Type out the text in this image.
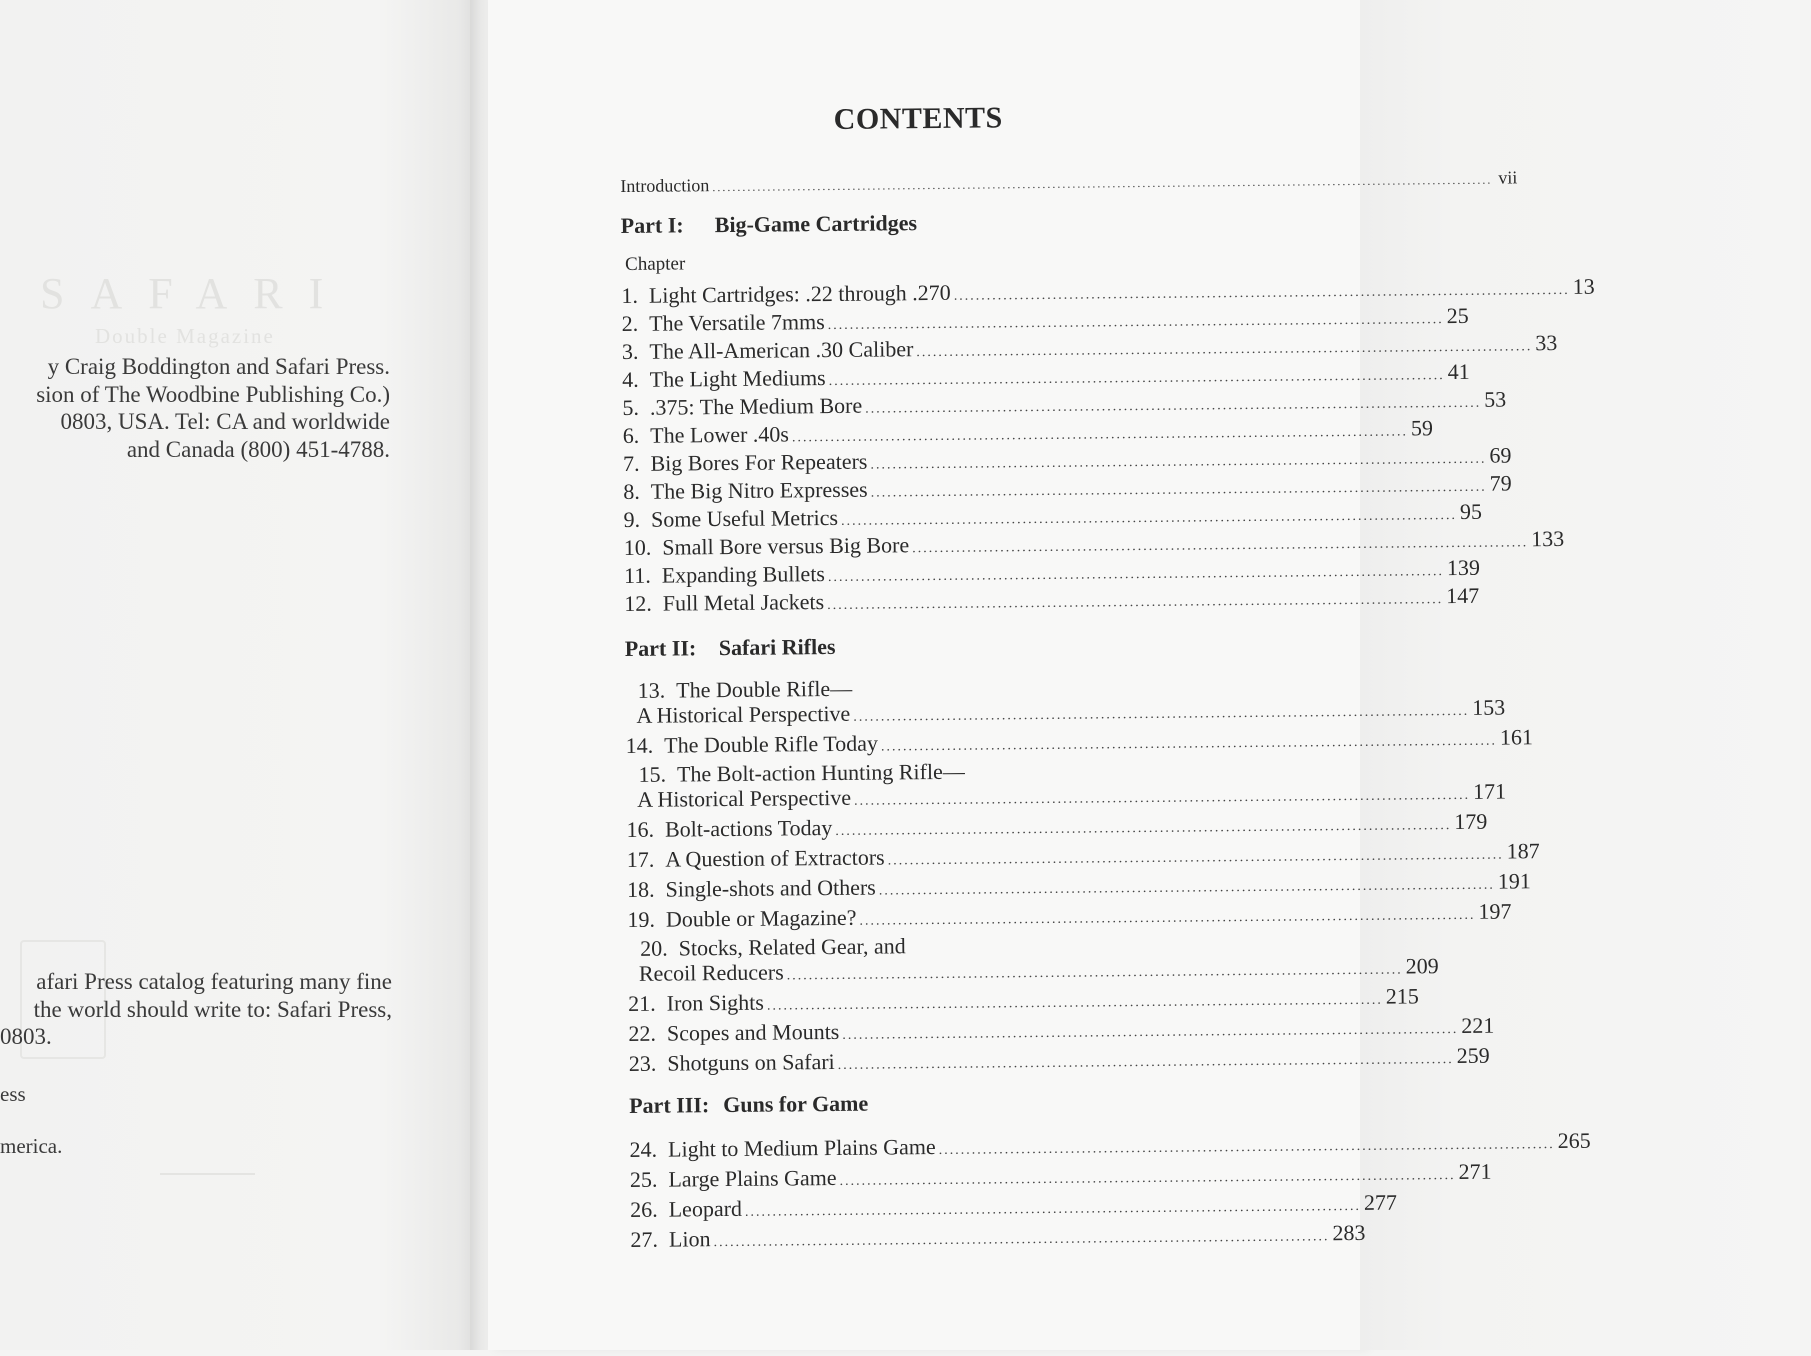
SAFARI
Double Magazine
y Craig Boddington and Safari Press.
sion of The Woodbine Publishing Co.)
0803, USA. Tel: CA and worldwide
and Canada (800) 451-4788.
afari Press catalog featuring many fine
the world should write to: Safari Press,
0803.
ess
merica.
CONTENTS
Introduction ............................................................................................................................................................ vii
Part I: Big-Game Cartridges
Chapter
1. Light Cartridges: .22 through .270 ................................................................................................................ 13
2. The Versatile 7mms ................................................................................................................ 25
3. The All-American .30 Caliber ................................................................................................................ 33
4. The Light Mediums ................................................................................................................ 41
5. .375: The Medium Bore ................................................................................................................ 53
6. The Lower .40s ................................................................................................................ 59
7. Big Bores For Repeaters ................................................................................................................ 69
8. The Big Nitro Expresses ................................................................................................................ 79
9. Some Useful Metrics ................................................................................................................ 95
10. Small Bore versus Big Bore ................................................................................................................ 133
11. Expanding Bullets ................................................................................................................ 139
12. Full Metal Jackets ................................................................................................................ 147
Part II: Safari Rifles
13. The Double Rifle—
A Historical Perspective ................................................................................................................ 153
14. The Double Rifle Today ................................................................................................................ 161
15. The Bolt-action Hunting Rifle—
A Historical Perspective ................................................................................................................ 171
16. Bolt-actions Today ................................................................................................................ 179
17. A Question of Extractors ................................................................................................................ 187
18. Single-shots and Others ................................................................................................................ 191
19. Double or Magazine? ................................................................................................................ 197
20. Stocks, Related Gear, and
Recoil Reducers ................................................................................................................ 209
21. Iron Sights ................................................................................................................ 215
22. Scopes and Mounts ................................................................................................................ 221
23. Shotguns on Safari ................................................................................................................ 259
Part III: Guns for Game
24. Light to Medium Plains Game ................................................................................................................ 265
25. Large Plains Game ................................................................................................................ 271
26. Leopard ................................................................................................................ 277
27. Lion ................................................................................................................ 283
